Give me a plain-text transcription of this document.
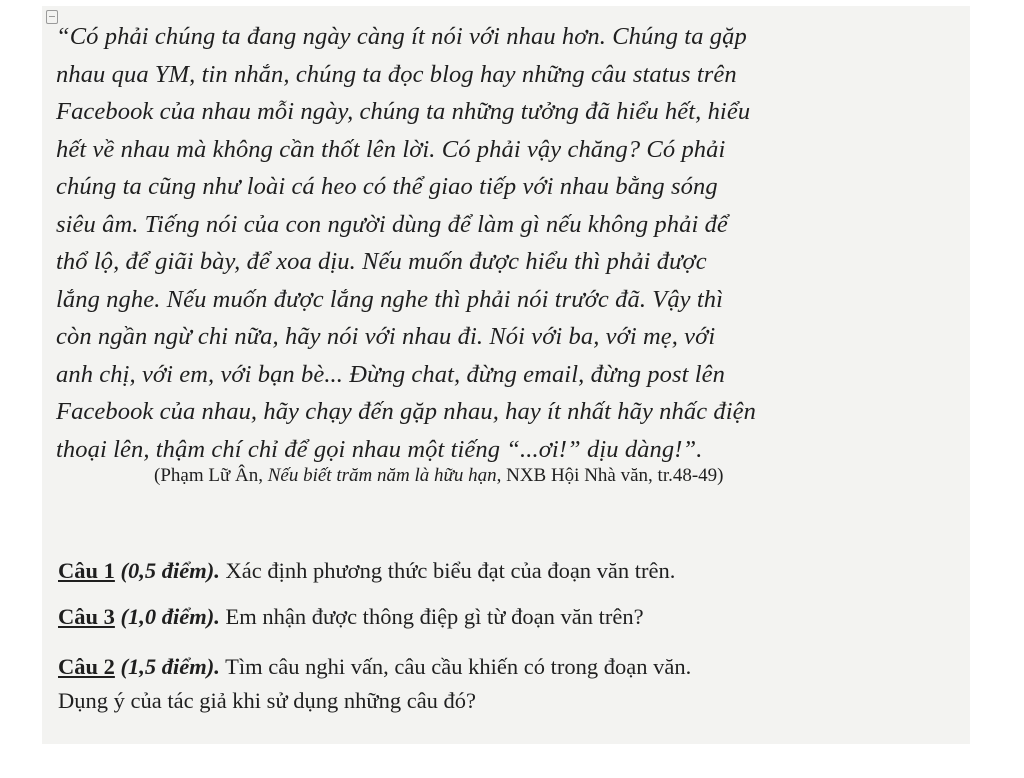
“Có phải chúng ta đang ngày càng ít nói với nhau hơn. Chúng ta gặp
nhau qua YM, tin nhắn, chúng ta đọc blog hay những câu status trên
Facebook của nhau mỗi ngày, chúng ta những tưởng đã hiểu hết, hiểu
hết về nhau mà không cần thốt lên lời. Có phải vậy chăng? Có phải
chúng ta cũng như loài cá heo có thể giao tiếp với nhau bằng sóng
siêu âm. Tiếng nói của con người dùng để làm gì nếu không phải để
thổ lộ, để giãi bày, để xoa dịu. Nếu muốn được hiểu thì phải được
lắng nghe. Nếu muốn được lắng nghe thì phải nói trước đã. Vậy thì
còn ngần ngừ chi nữa, hãy nói với nhau đi. Nói với ba, với mẹ, với
anh chị, với em, với bạn bè... Đừng chat, đừng email, đừng post lên
Facebook của nhau, hãy chạy đến gặp nhau, hay ít nhất hãy nhấc điện
thoại lên, thậm chí chỉ để gọi nhau một tiếng “...ơi!” dịu dàng!”.
(Phạm Lữ Ân, Nếu biết trăm năm là hữu hạn, NXB Hội Nhà văn, tr.48-49)
Câu 1 (0,5 điểm). Xác định phương thức biểu đạt của đoạn văn trên.
Câu 3 (1,0 điểm). Em nhận được thông điệp gì từ đoạn văn trên?
Câu 2 (1,5 điểm). Tìm câu nghi vấn, câu cầu khiến có trong đoạn văn.
Dụng ý của tác giả khi sử dụng những câu đó?
